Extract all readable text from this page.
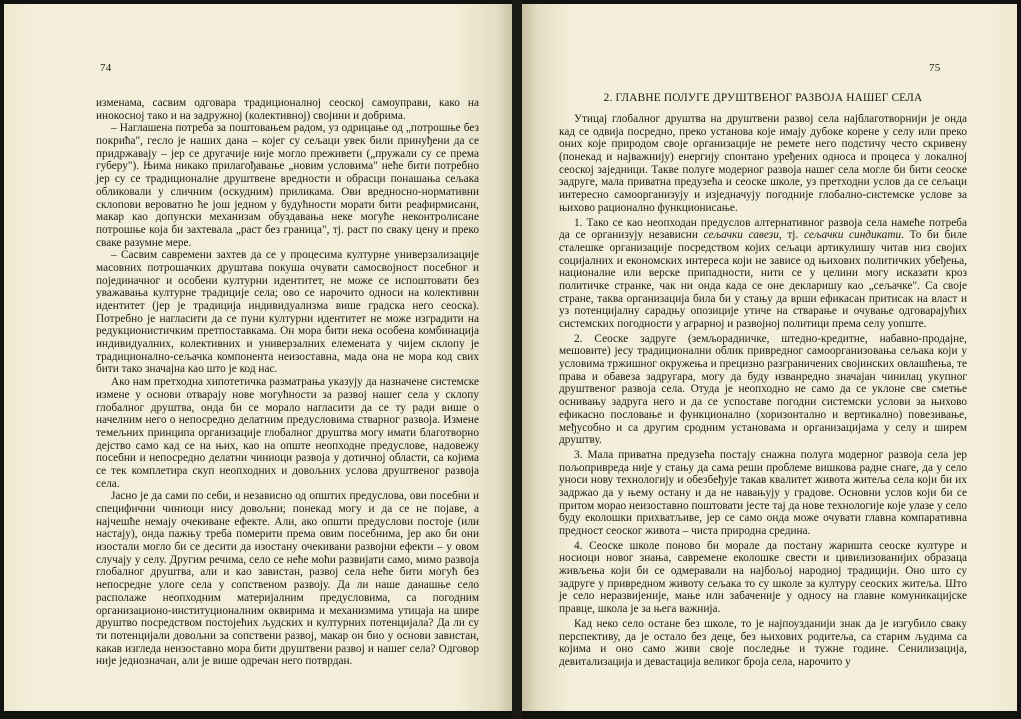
74

изменама, сасвим одговара традиционалној сеоској самоуправи, како на инокосној тако и на задружној (колективној) својини и добрима.

– Наглашена потреба за поштовањем радом, уз одрицање од „потрошње без покрића", гесло је наших дана – којег су сељаци увек били принуђени да се придржавају – јер се другачије није могло преживети („пружали су се према губеру"). Њима никако прилагођавање „новим условима" неће бити потребно јер су се традиционалне друштвене вредности и обрасци понашања сељака обликовали у сличним (оскудним) приликама. Ови вредносно-нормативни склопови вероватно ће још једном у будућности морати бити реафирмисани, макар као допунски механизам обуздавања неке могуће неконтролисане потрошње која би захтевала „раст без граница", тј. раст по сваку цену и преко сваке разумне мере.

– Сасвим савремени захтев да се у процесима културне универзализације масовних потрошачких друштава покуша очувати самосвојност посебног и појединачног и особени културни идентитет, не може се испоштовати без уважавања културне традиције села; ово се нарочито односи на колективни идентитет (јер је традиција индивидуализма више градска него сеоска). Потребно је нагласити да се пуни културни идентитет не може изградити на редукционистичким претпоставкама. Он мора бити нека особена комбинација индивидуалних, колективних и универзалних елемената у чијем склопу је традиционално-сељачка компонента неизоставна, мада она не мора код свих бити тако значајна као што је код нас.

Ако нам претходна хипотетичка разматрања указују да назначене системске измене у основи отварају нове могућности за развој нашег села у склопу глобалног друштва, онда би се морало нагласити да се ту ради више о начелним него о непосредно делатним предусловима стварног развоја. Измене темељних принципа организације глобалног друштва могу имати благотворно дејство само кад се на њих, као на опште неопходне предуслове, надовежу посебни и непосредно делатни чиниоци развоја у дотичној области, са којима се тек комплетира скуп неопходних и довољних услова друштвеног развоја села.

Јасно је да сами по себи, и независно од општих предуслова, ови посебни и специфични чиниоци нису довољни; понекад могу и да се не појаве, а најчешће немају очекиване ефекте. Али, ако општи предуслови постоје (или настају), онда пажњу треба померити према овим посебнима, јер ако би они изостали могло би се десити да изостану очекивани развојни ефекти – у овом случају у селу. Другим речима, село се неће моћи развијати само, мимо развоја глобалног друштва, али и као завистан, развој села неће бити могућ без непосредне улоге села у сопственом развоју. Да ли наше данашње село располаже неопходним материјалним предусловима, са погодним организационо-институционалним оквирима и механизмима утицаја на шире друштво посредством постојећих људских и културних потенцијала? Да ли су ти потенцијали довољни за сопствени развој, макар он био у основи завистан, какав изгледа неизоставно мора бити друштвени развој и нашег села? Одговор није једнозначан, али је више одречан него потврдан.

75
2. ГЛАВНЕ ПОЛУГЕ ДРУШТВЕНОГ РАЗВОЈА НАШЕГ СЕЛА

Утицај глобалног друштва на друштвени развој села најблаготворнији је онда кад се одвија посредно, преко установа које имају дубоке корене у селу или преко оних које природом своје организације не ремете него подстичу често скривену (понекад и најважнију) енергију спонтано уређених односа и процеса у локалној сеоској заједници. Такве полуге модерног развоја нашег села могле би бити сеоске задруге, мала приватна предузећа и сеоске школе, уз претходни услов да се сељаци интересно самоорганизују и изједначују погодније глобално-системске услове за њихово рационално функционисање.

1. Тако се као неопходан предуслов алтернативног развоја села намеће потреба да се организују независни сељачки савези, тј. сељачки синдикати. То би биле сталешке организације посредством којих сељаци артикулишу читав низ својих социјалних и економских интереса који не зависе од њихових политичких убеђења, националне или верске припадности, нити се у целини могу исказати кроз политичке странке, чак ни онда када се оне декларишу као „сељачке". Са своје стране, таква организација била би у стању да врши ефикасан притисак на власт и уз потенцијалну сарадњу опозиције утиче на стварање и очување одговарајућих системских погодности у аграрној и развојној политици према селу уопште.

2. Сеоске задруге (земљорадничке, штедно-кредитне, набавно-продајне, мешовите) јесу традиционални облик привредног самоорганизовања сељака који у условима тржишног окружења и прецизно разграничених својинских овлашћења, те права и обавеза задругара, могу да буду изванредно значајан чинилац укупног друштвеног развоја села. Отуда је неопходно не само да се уклоне све сметње оснивању задруга него и да се успоставе погодни системски услови за њихово ефикасно пословање и функционално (хоризонтално и вертикално) повезивање, међусобно и са другим сродним установама и организацијама у селу и ширем друштву.

3. Мала приватна предузећа постају снажна полуга модерног развоја села јер пољопривреда није у стању да сама реши проблеме вишкова радне снаге, да у село уноси нову технологију и обезбеђује такав квалитет живота житеља села који би их задржао да у њему остану и да не навањују у градове. Основни услов који би се притом морао неизоставно поштовати јесте тај да нове технологије које улазе у село буду еколошки прихватљиве, јер се само онда може очувати главна компаративна предност сеоског живота – чиста природна средина.

4. Сеоске школе поново би морале да постану жаришта сеоске културе и носиоци новог знања, савремене еколошке свести и цивилизованијих образаца живљења који би се одмеравали на најбољој народној традицији. Оно што су задруге у привредном животу сељака то су школе за културу сеоских житеља. Што је село неразвијеније, мање или забаченије у односу на главне комуникацијске правце, школа је за њега важнија.

Кад неко село остане без школе, то је најпоузданији знак да је изгубило сваку перспективу, да је остало без деце, без њихових родитеља, са старим људима са којима и оно само живи своје последње и тужне године. Сенилизација, девитализација и девастација великог броја села, нарочито у
